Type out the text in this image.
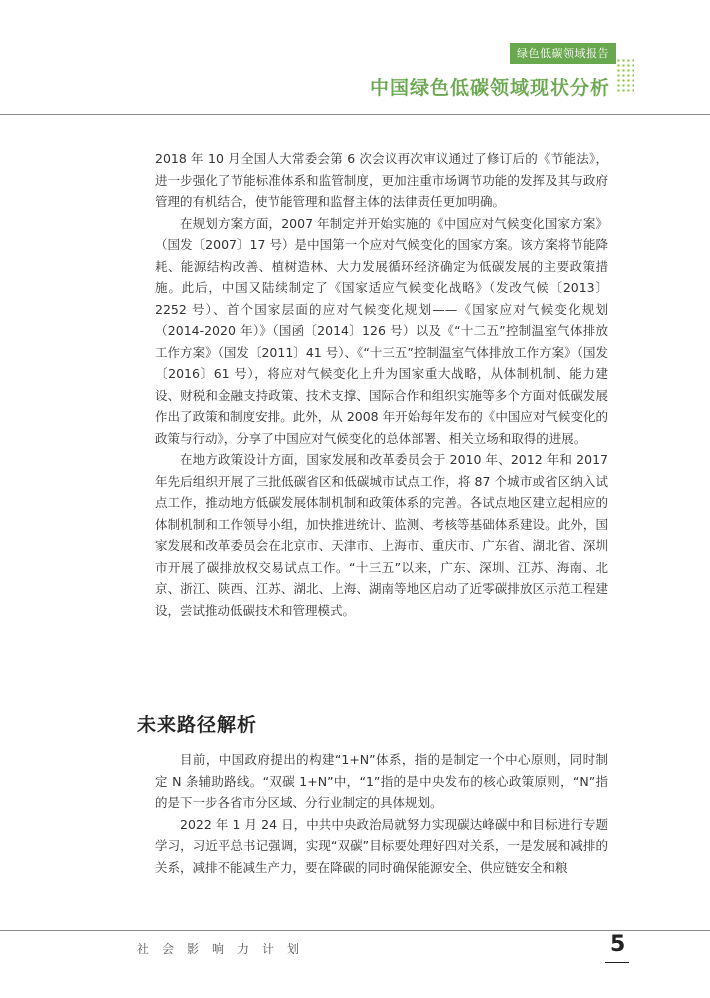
绿色低碳领域报告
中国绿色低碳领域现状分析

2018 年 10 月全国人大常委会第 6 次会议再次审议通过了修订后的《节能法》，进一步强化了节能标准体系和监管制度，更加注重市场调节功能的发挥及其与政府管理的有机结合，使节能管理和监督主体的法律责任更加明确。

在规划方案方面，2007 年制定并开始实施的《中国应对气候变化国家方案》（国发〔2007〕17 号）是中国第一个应对气候变化的国家方案。该方案将节能降耗、能源结构改善、植树造林、大力发展循环经济确定为低碳发展的主要政策措施。此后，中国又陆续制定了《国家适应气候变化战略》（发改气候〔2013〕2252 号）、首个国家层面的应对气候变化规划——《国家应对气候变化规划（2014-2020 年）》（国函〔2014〕126 号）以及《“十二五”控制温室气体排放工作方案》（国发〔2011〕41 号）、《“十三五”控制温室气体排放工作方案》（国发〔2016〕61 号），将应对气候变化上升为国家重大战略，从体制机制、能力建设、财税和金融支持政策、技术支撑、国际合作和组织实施等多个方面对低碳发展作出了政策和制度安排。此外，从 2008 年开始每年发布的《中国应对气候变化的政策与行动》，分享了中国应对气候变化的总体部署、相关立场和取得的进展。

在地方政策设计方面，国家发展和改革委员会于 2010 年、2012 年和 2017 年先后组织开展了三批低碳省区和低碳城市试点工作，将 87 个城市或省区纳入试点工作，推动地方低碳发展体制机制和政策体系的完善。各试点地区建立起相应的体制机制和工作领导小组，加快推进统计、监测、考核等基础体系建设。此外，国家发展和改革委员会在北京市、天津市、上海市、重庆市、广东省、湖北省、深圳市开展了碳排放权交易试点工作。“十三五”以来，广东、深圳、江苏、海南、北京、浙江、陕西、江苏、湖北、上海、湖南等地区启动了近零碳排放区示范工程建设，尝试推动低碳技术和管理模式。

未来路径解析

目前，中国政府提出的构建“1+N”体系，指的是制定一个中心原则，同时制定 N 条辅助路线。“双碳 1+N”中，“1”指的是中央发布的核心政策原则，“N”指的是下一步各省市分区域、分行业制定的具体规划。

2022 年 1 月 24 日，中共中央政治局就努力实现碳达峰碳中和目标进行专题学习，习近平总书记强调，实现“双碳”目标要处理好四对关系，一是发展和减排的关系，减排不能减生产力，要在降碳的同时确保能源安全、供应链安全和粮

社会影响力计划	5
